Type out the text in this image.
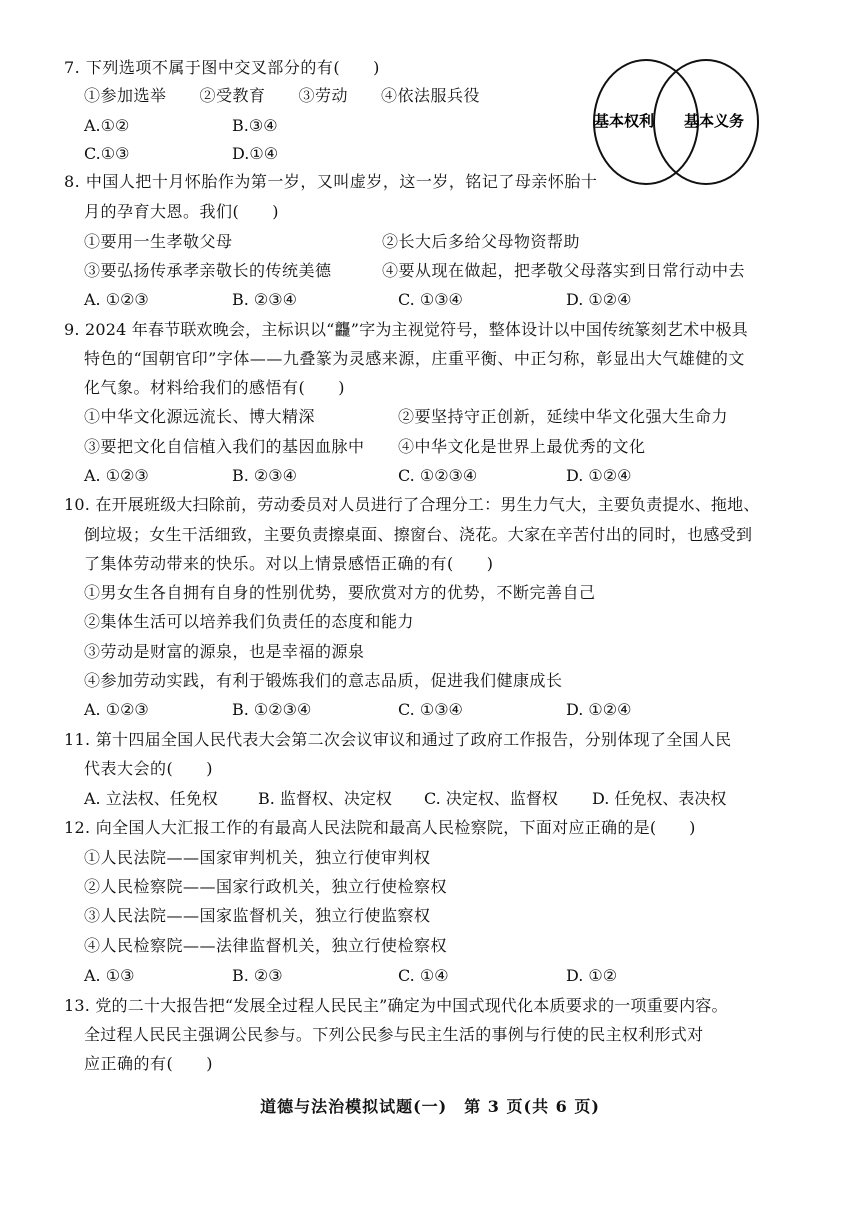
7. 下列选项不属于图中交叉部分的有(　　)
①参加选举　　②受教育　　③劳动　　④依法服兵役
A.①②	B.③④
C.①③	D.①④
基本权利 基本义务
8. 中国人把十月怀胎作为第一岁，又叫虚岁，这一岁，铭记了母亲怀胎十
月的孕育大恩。我们(　　)
①要用一生孝敬父母	②长大后多给父母物资帮助
③要弘扬传承孝亲敬长的传统美德	④要从现在做起，把孝敬父母落实到日常行动中去
A. ①②③	B. ②③④	C. ①③④	D. ①②④
9. 2024 年春节联欢晚会，主标识以“龘”字为主视觉符号，整体设计以中国传统篆刻艺术中极具
特色的“国朝官印”字体——九叠篆为灵感来源，庄重平衡、中正匀称，彰显出大气雄健的文
化气象。材料给我们的感悟有(　　)
①中华文化源远流长、博大精深	②要坚持守正创新，延续中华文化强大生命力
③要把文化自信植入我们的基因血脉中 ④中华文化是世界上最优秀的文化
A. ①②③	B. ②③④	C. ①②③④	D. ①②④
10. 在开展班级大扫除前，劳动委员对人员进行了合理分工：男生力气大，主要负责提水、拖地、
倒垃圾；女生干活细致，主要负责擦桌面、擦窗台、浇花。大家在辛苦付出的同时，也感受到
了集体劳动带来的快乐。对以上情景感悟正确的有(　　)
①男女生各自拥有自身的性别优势，要欣赏对方的优势，不断完善自己
②集体生活可以培养我们负责任的态度和能力
③劳动是财富的源泉，也是幸福的源泉
④参加劳动实践，有利于锻炼我们的意志品质，促进我们健康成长
A. ①②③	B. ①②③④	C. ①③④	D. ①②④
11. 第十四届全国人民代表大会第二次会议审议和通过了政府工作报告，分别体现了全国人民
代表大会的(　　)
A. 立法权、任免权	B. 监督权、决定权 C. 决定权、监督权 D. 任免权、表决权
12. 向全国人大汇报工作的有最高人民法院和最高人民检察院，下面对应正确的是(　　)
①人民法院——国家审判机关，独立行使审判权
②人民检察院——国家行政机关，独立行使检察权
③人民法院——国家监督机关，独立行使监察权
④人民检察院——法律监督机关，独立行使检察权
A. ①③	B. ②③	C. ①④	D. ①②
13. 党的二十大报告把“发展全过程人民民主”确定为中国式现代化本质要求的一项重要内容。
全过程人民民主强调公民参与。下列公民参与民主生活的事例与行使的民主权利形式对
应正确的有(　　)
道德与法治模拟试题(一)　第 3 页(共 6 页)
